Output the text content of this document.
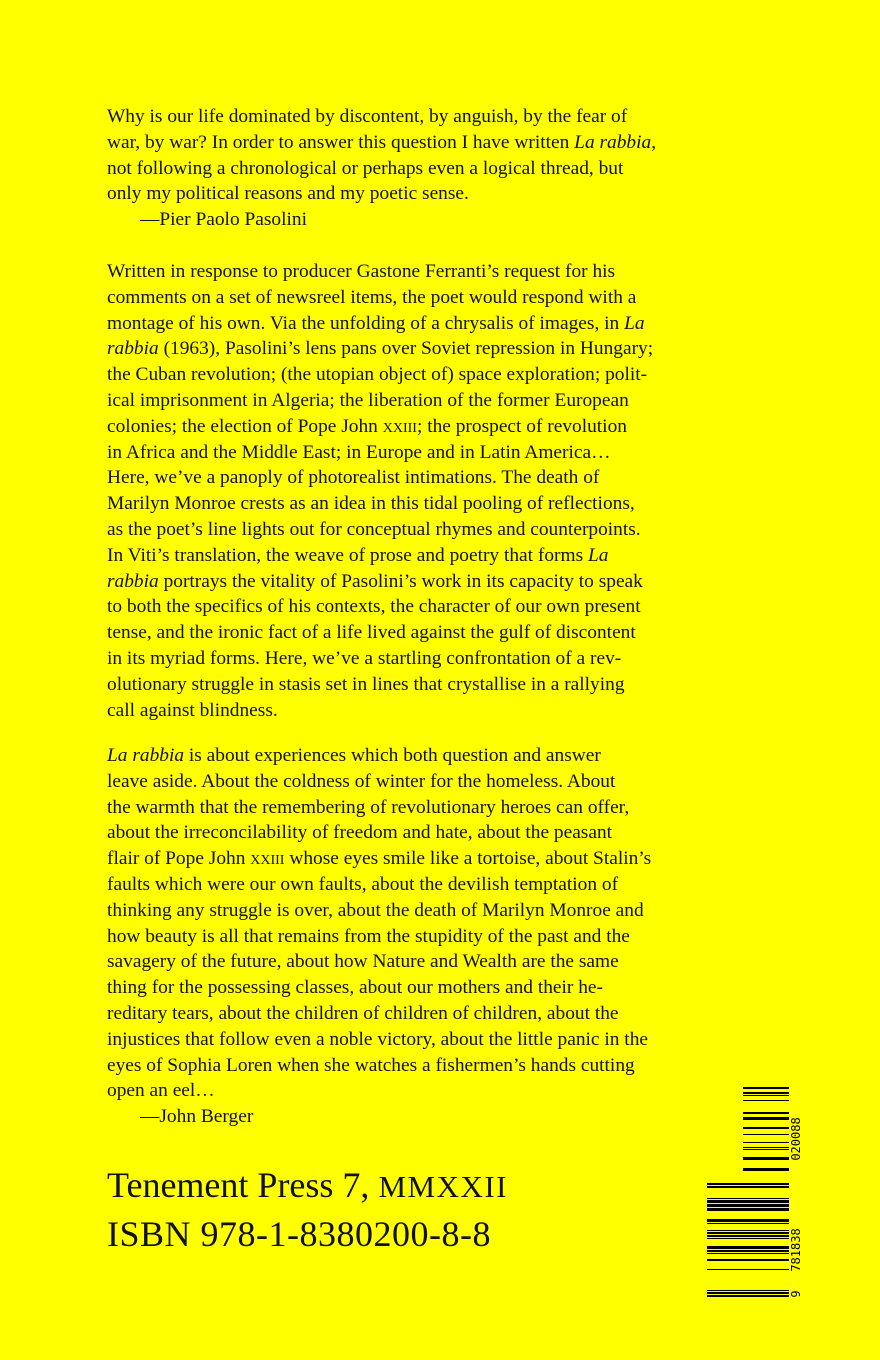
Why is our life dominated by discontent, by anguish, by the fear of
war, by war? In order to answer this question I have written La rabbia,
not following a chronological or perhaps even a logical thread, but
only my political reasons and my poetic sense.
—Pier Paolo Pasolini

Written in response to producer Gastone Ferranti’s request for his
comments on a set of newsreel items, the poet would respond with a
montage of his own. Via the unfolding of a chrysalis of images, in La
rabbia (1963), Pasolini’s lens pans over Soviet repression in Hungary;
the Cuban revolution; (the utopian object of) space exploration; polit-
ical imprisonment in Algeria; the liberation of the former European
colonies; the election of Pope John xxiii; the prospect of revolution
in Africa and the Middle East; in Europe and in Latin America…
Here, we’ve a panoply of photorealist intimations. The death of
Marilyn Monroe crests as an idea in this tidal pooling of reflections,
as the poet’s line lights out for conceptual rhymes and counterpoints.
In Viti’s translation, the weave of prose and poetry that forms La
rabbia portrays the vitality of Pasolini’s work in its capacity to speak
to both the specifics of his contexts, the character of our own present
tense, and the ironic fact of a life lived against the gulf of discontent
in its myriad forms. Here, we’ve a startling confrontation of a rev-
olutionary struggle in stasis set in lines that crystallise in a rallying
call against blindness.

La rabbia is about experiences which both question and answer
leave aside. About the coldness of winter for the homeless. About
the warmth that the remembering of revolutionary heroes can offer,
about the irreconcilability of freedom and hate, about the peasant
flair of Pope John xxiii whose eyes smile like a tortoise, about Stalin’s
faults which were our own faults, about the devilish temptation of
thinking any struggle is over, about the death of Marilyn Monroe and
how beauty is all that remains from the stupidity of the past and the
savagery of the future, about how Nature and Wealth are the same
thing for the possessing classes, about our mothers and their he-
reditary tears, about the children of children of children, about the
injustices that follow even a noble victory, about the little panic in the
eyes of Sophia Loren when she watches a fishermen’s hands cutting
open an eel…
—John Berger

Tenement Press 7, MMXXII
ISBN 978-1-8380200-8-8
020088
781838
9
